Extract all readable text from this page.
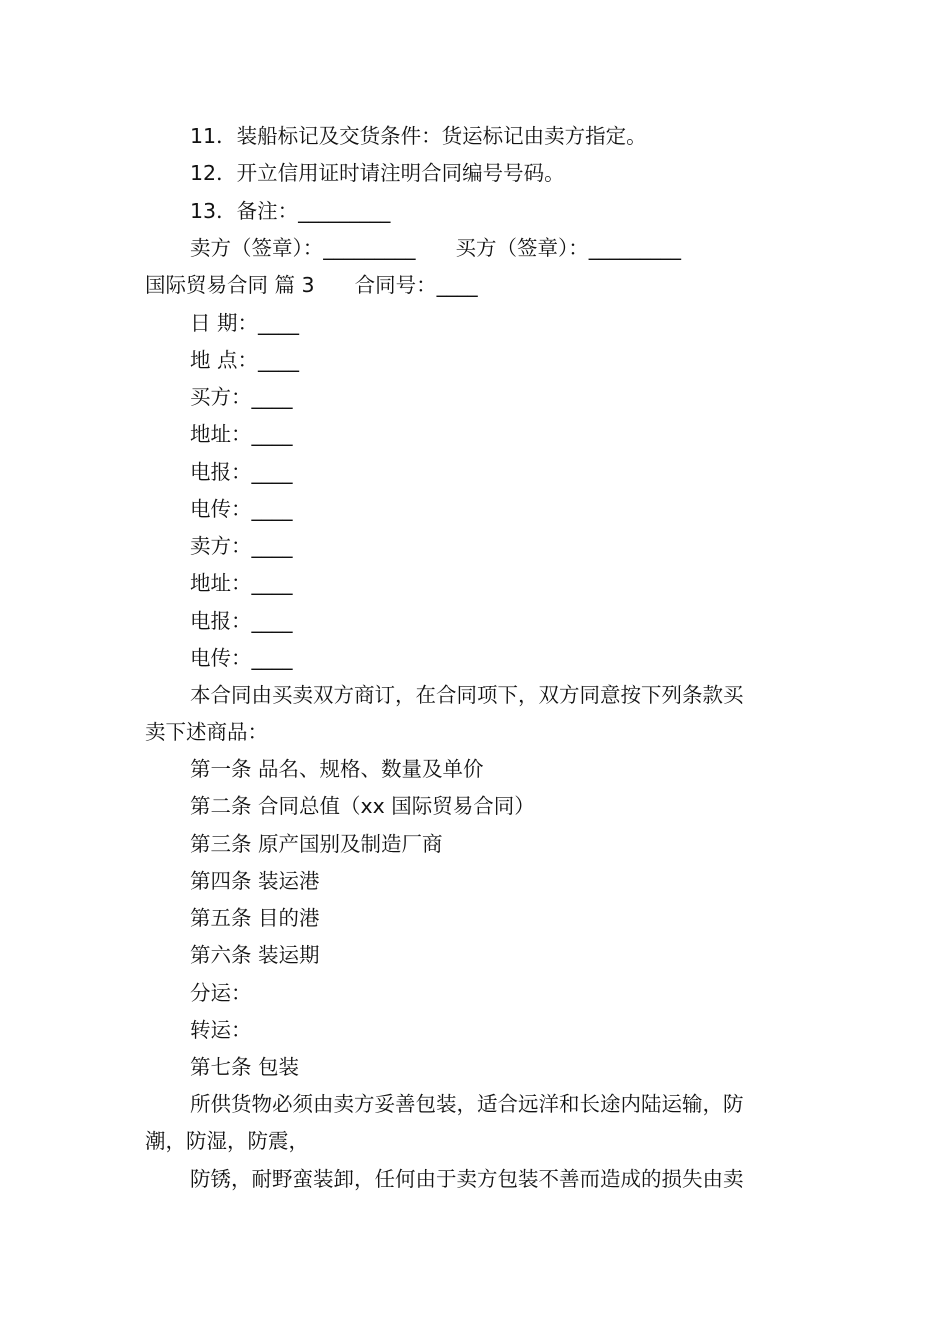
11．装船标记及交货条件：货运标记由卖方指定。
12．开立信用证时请注明合同编号号码。
13．备注：_________
卖方（签章）：_________ 买方（签章）：_________
国际贸易合同 篇 3 合同号：____
日 期：____
地 点：____
买方：____
地址：____
电报：____
电传：____
卖方：____
地址：____
电报：____
电传：____
本合同由买卖双方商订，在合同项下，双方同意按下列条款买
卖下述商品：
第一条 品名、规格、数量及单价
第二条 合同总值（xx 国际贸易合同）
第三条 原产国别及制造厂商
第四条 装运港
第五条 目的港
第六条 装运期
分运：
转运：
第七条 包装
所供货物必须由卖方妥善包装，适合远洋和长途内陆运输，防
潮，防湿，防震，
防锈，耐野蛮装卸，任何由于卖方包装不善而造成的损失由卖
